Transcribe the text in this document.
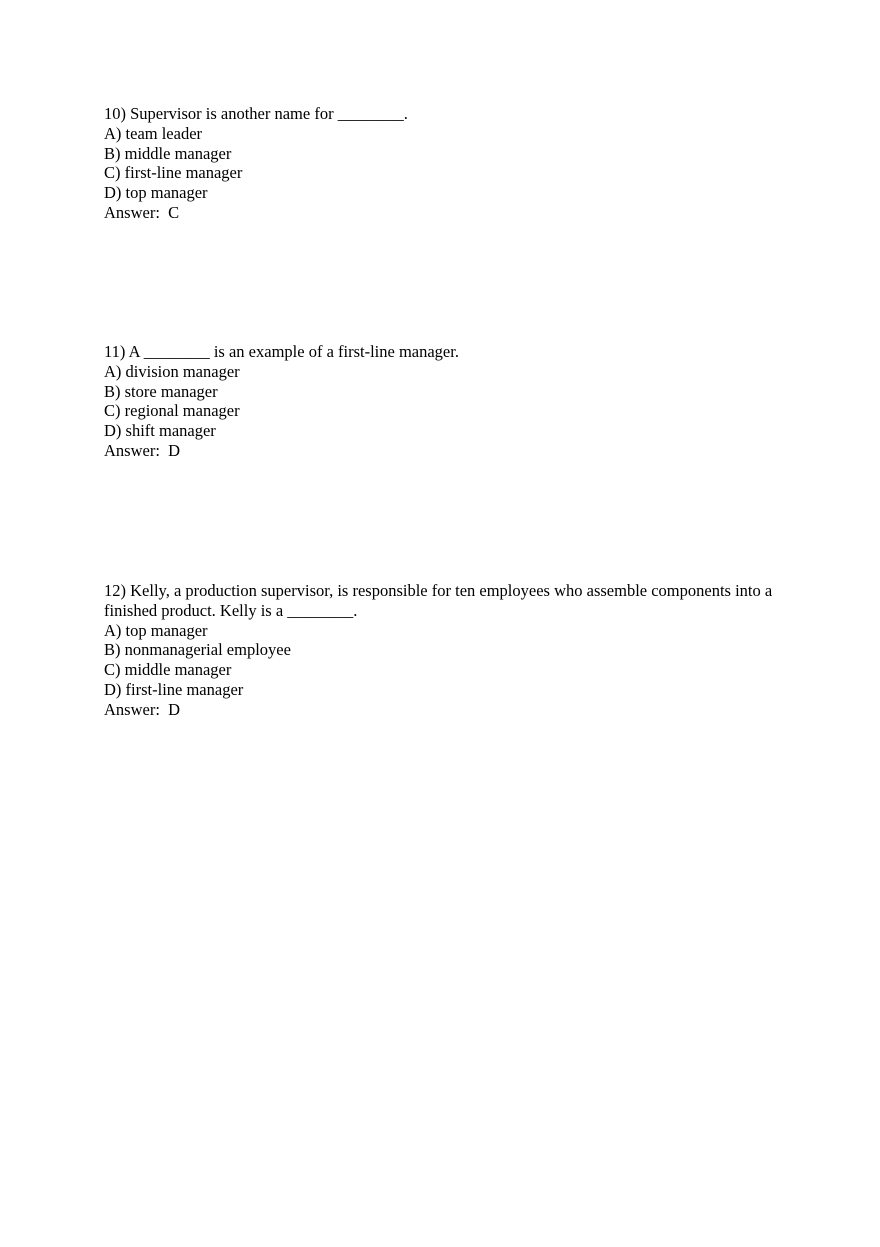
10) Supervisor is another name for ________.
A) team leader
B) middle manager
C) first-line manager
D) top manager
Answer:  C
11) A ________ is an example of a first-line manager.
A) division manager
B) store manager
C) regional manager
D) shift manager
Answer:  D
12) Kelly, a production supervisor, is responsible for ten employees who assemble components into a finished product. Kelly is a ________.
A) top manager
B) nonmanagerial employee
C) middle manager
D) first-line manager
Answer:  D
